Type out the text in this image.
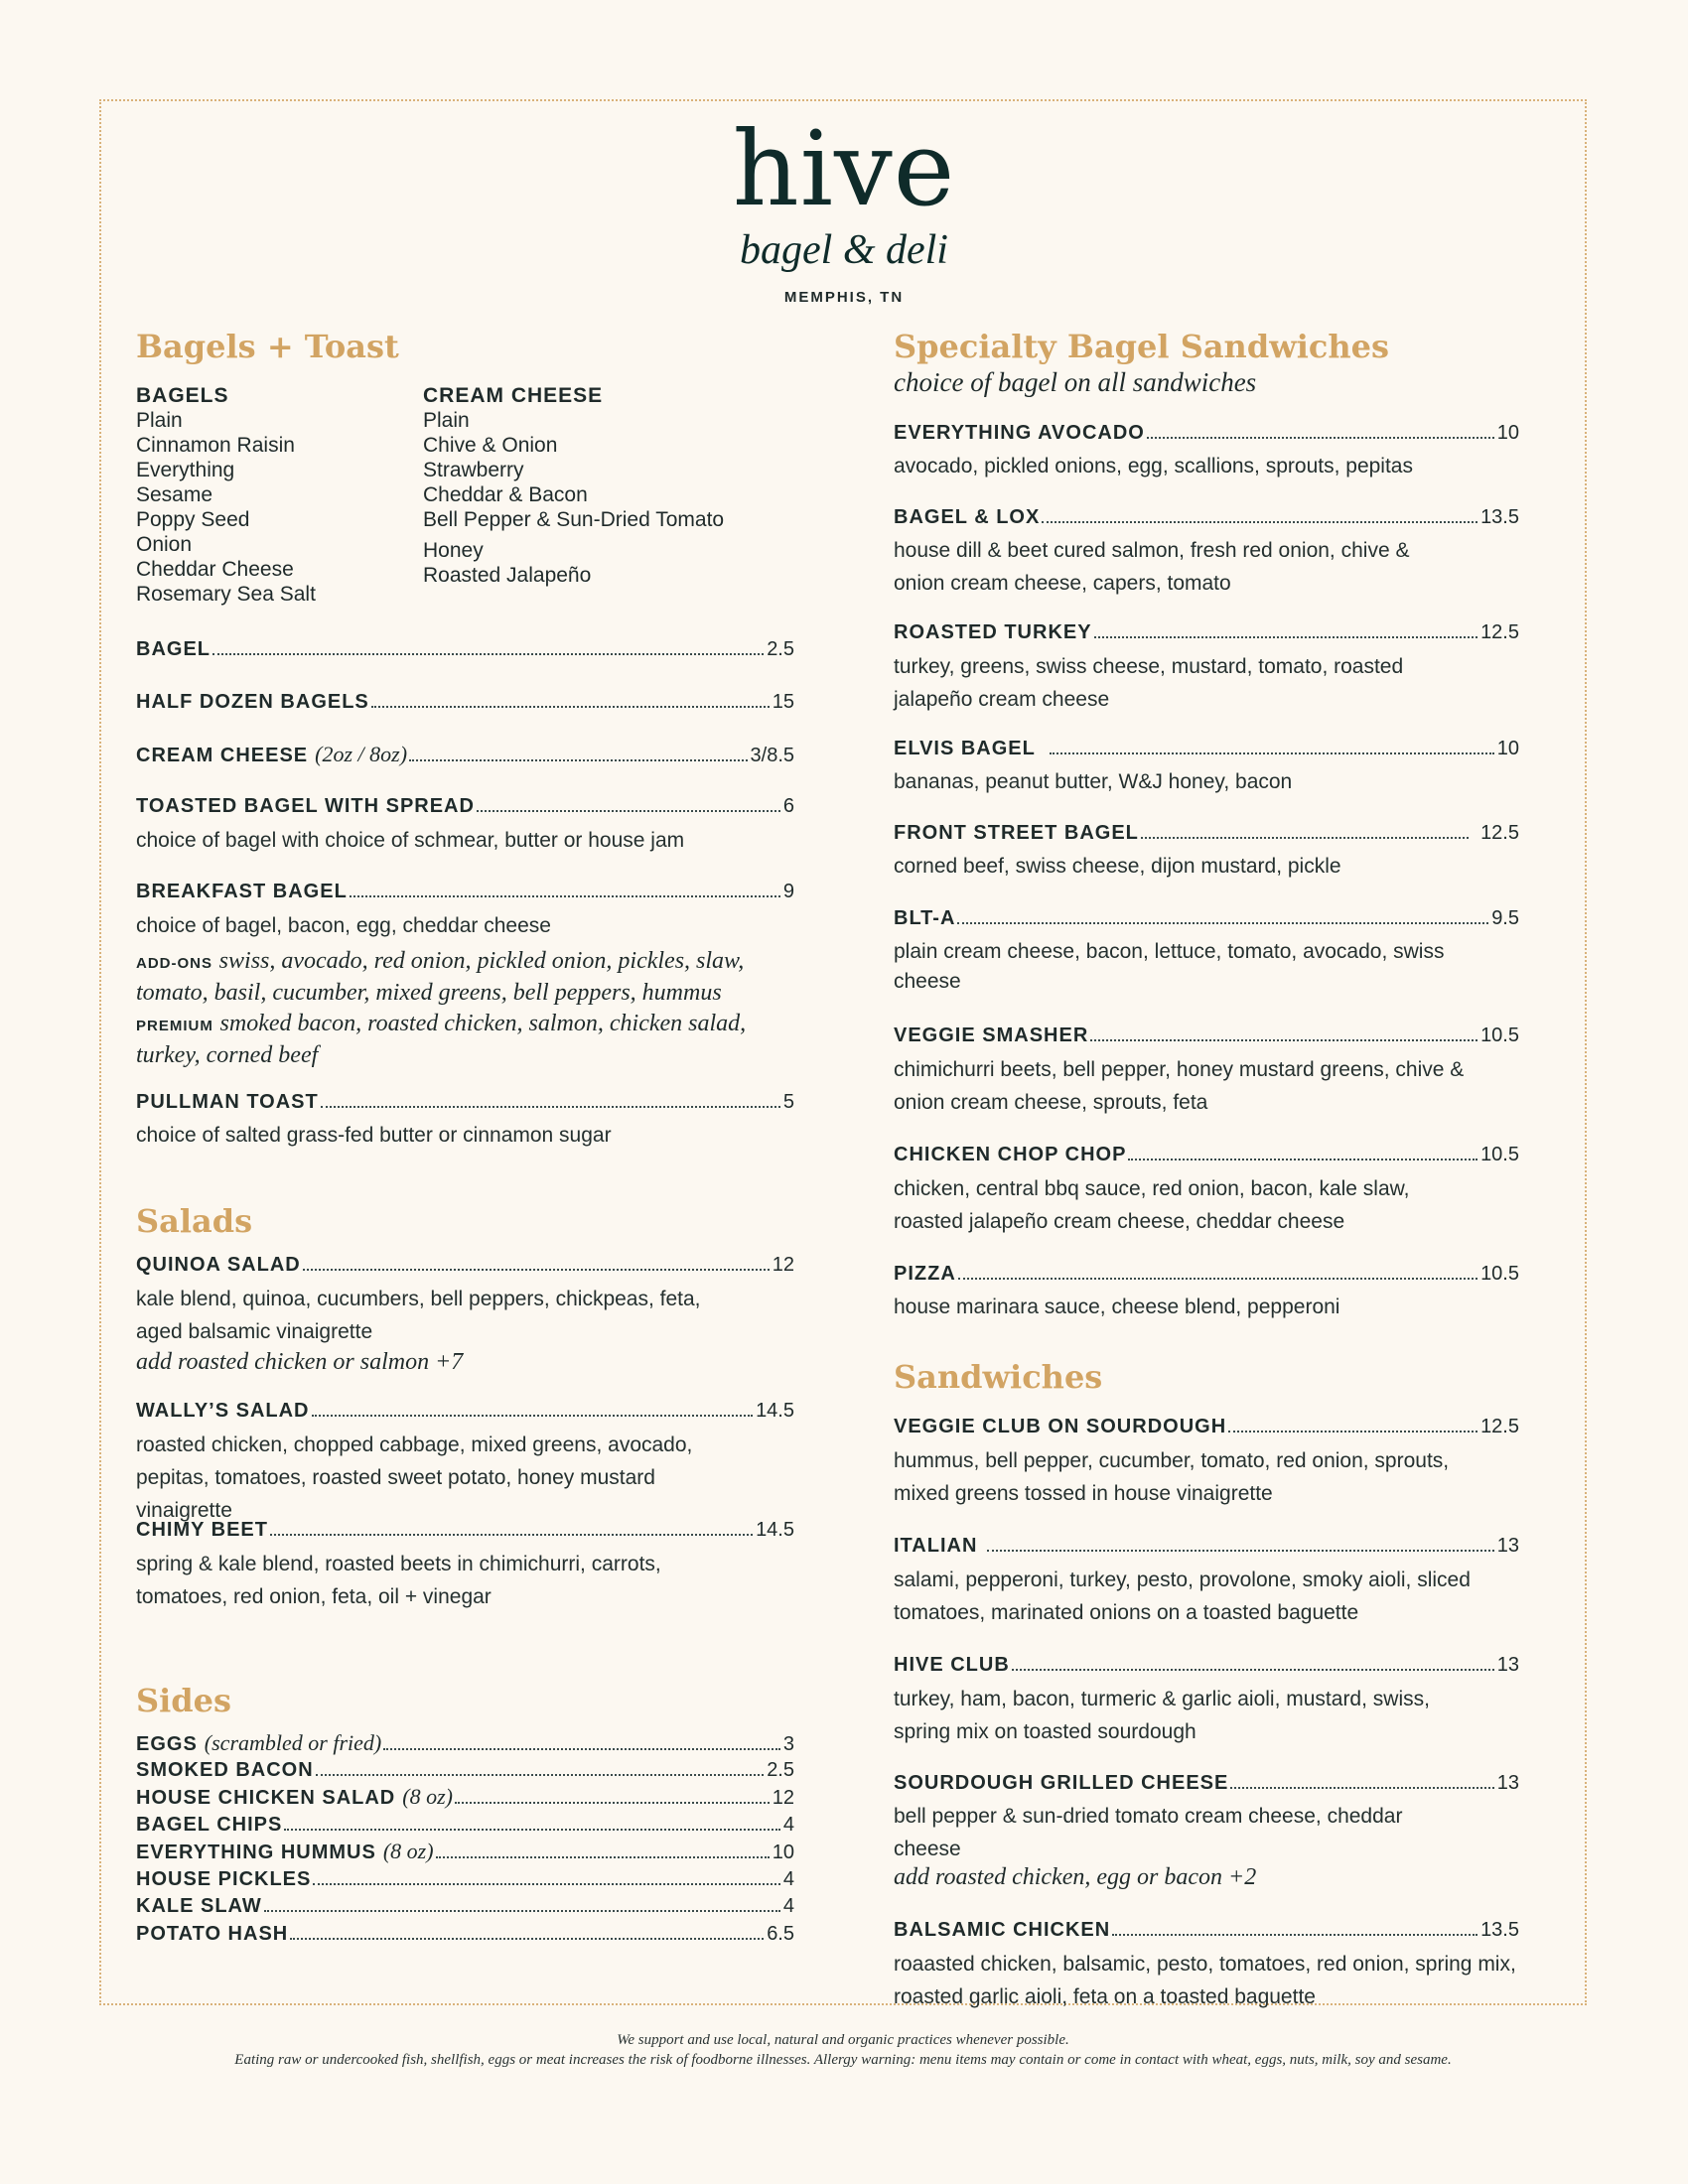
hive
bagel & deli
MEMPHIS, TN
Bagels + Toast
BAGELS
Plain
Cinnamon Raisin
Everything
Sesame
Poppy Seed
Onion
Cheddar Cheese
Rosemary Sea Salt
CREAM CHEESE
Plain
Chive & Onion
Strawberry
Cheddar & Bacon
Bell Pepper & Sun-Dried Tomato
Honey
Roasted Jalapeño
BAGEL	2.5
HALF DOZEN BAGELS	15
CREAM CHEESE (2oz / 8oz)	3/8.5
TOASTED BAGEL WITH SPREAD	6
choice of bagel with choice of schmear, butter or house jam
BREAKFAST BAGEL	9
choice of bagel, bacon, egg, cheddar cheese
ADD-ONS swiss, avocado, red onion, pickled onion, pickles, slaw, tomato, basil, cucumber, mixed greens, bell peppers, hummus
PREMIUM smoked bacon, roasted chicken, salmon, chicken salad, turkey, corned beef
PULLMAN TOAST	5
choice of salted grass-fed butter or cinnamon sugar
Salads
QUINOA SALAD	12
kale blend, quinoa, cucumbers, bell peppers, chickpeas, feta, aged balsamic vinaigrette
add roasted chicken or salmon +7
WALLY’S SALAD	14.5
roasted chicken, chopped cabbage, mixed greens, avocado, pepitas, tomatoes, roasted sweet potato, honey mustard vinaigrette
CHIMY BEET	14.5
spring & kale blend, roasted beets in chimichurri, carrots, tomatoes, red onion, feta, oil + vinegar
Sides
EGGS (scrambled or fried)	3
SMOKED BACON	2.5
HOUSE CHICKEN SALAD (8 oz)	12
BAGEL CHIPS	4
EVERYTHING HUMMUS (8 oz)	10
HOUSE PICKLES	4
KALE SLAW	4
POTATO HASH	6.5
Specialty Bagel Sandwiches
choice of bagel on all sandwiches
EVERYTHING AVOCADO	10
avocado, pickled onions, egg, scallions, sprouts, pepitas
BAGEL & LOX	13.5
house dill & beet cured salmon, fresh red onion, chive & onion cream cheese, capers, tomato
ROASTED TURKEY	12.5
turkey, greens, swiss cheese, mustard, tomato, roasted jalapeño cream cheese
ELVIS BAGEL	10
bananas, peanut butter, W&J honey, bacon
FRONT STREET BAGEL	12.5
corned beef, swiss cheese, dijon mustard, pickle
BLT-A	9.5
plain cream cheese, bacon, lettuce, tomato, avocado, swiss cheese
VEGGIE SMASHER	10.5
chimichurri beets, bell pepper, honey mustard greens, chive & onion cream cheese, sprouts, feta
CHICKEN CHOP CHOP	10.5
chicken, central bbq sauce, red onion, bacon, kale slaw, roasted jalapeño cream cheese, cheddar cheese
PIZZA	10.5
house marinara sauce, cheese blend, pepperoni
Sandwiches
VEGGIE CLUB ON SOURDOUGH	12.5
hummus, bell pepper, cucumber, tomato, red onion, sprouts, mixed greens tossed in house vinaigrette
ITALIAN	13
salami, pepperoni, turkey, pesto, provolone, smoky aioli, sliced tomatoes, marinated onions on a toasted baguette
HIVE CLUB	13
turkey, ham, bacon, turmeric & garlic aioli, mustard, swiss, spring mix on toasted sourdough
SOURDOUGH GRILLED CHEESE	13
bell pepper & sun-dried tomato cream cheese, cheddar cheese
add roasted chicken, egg or bacon +2
BALSAMIC CHICKEN	13.5
roaasted chicken, balsamic, pesto, tomatoes, red onion, spring mix, roasted garlic aioli, feta on a toasted baguette
We support and use local, natural and organic practices whenever possible.
Eating raw or undercooked fish, shellfish, eggs or meat increases the risk of foodborne illnesses. Allergy warning: menu items may contain or come in contact with wheat, eggs, nuts, milk, soy and sesame.
